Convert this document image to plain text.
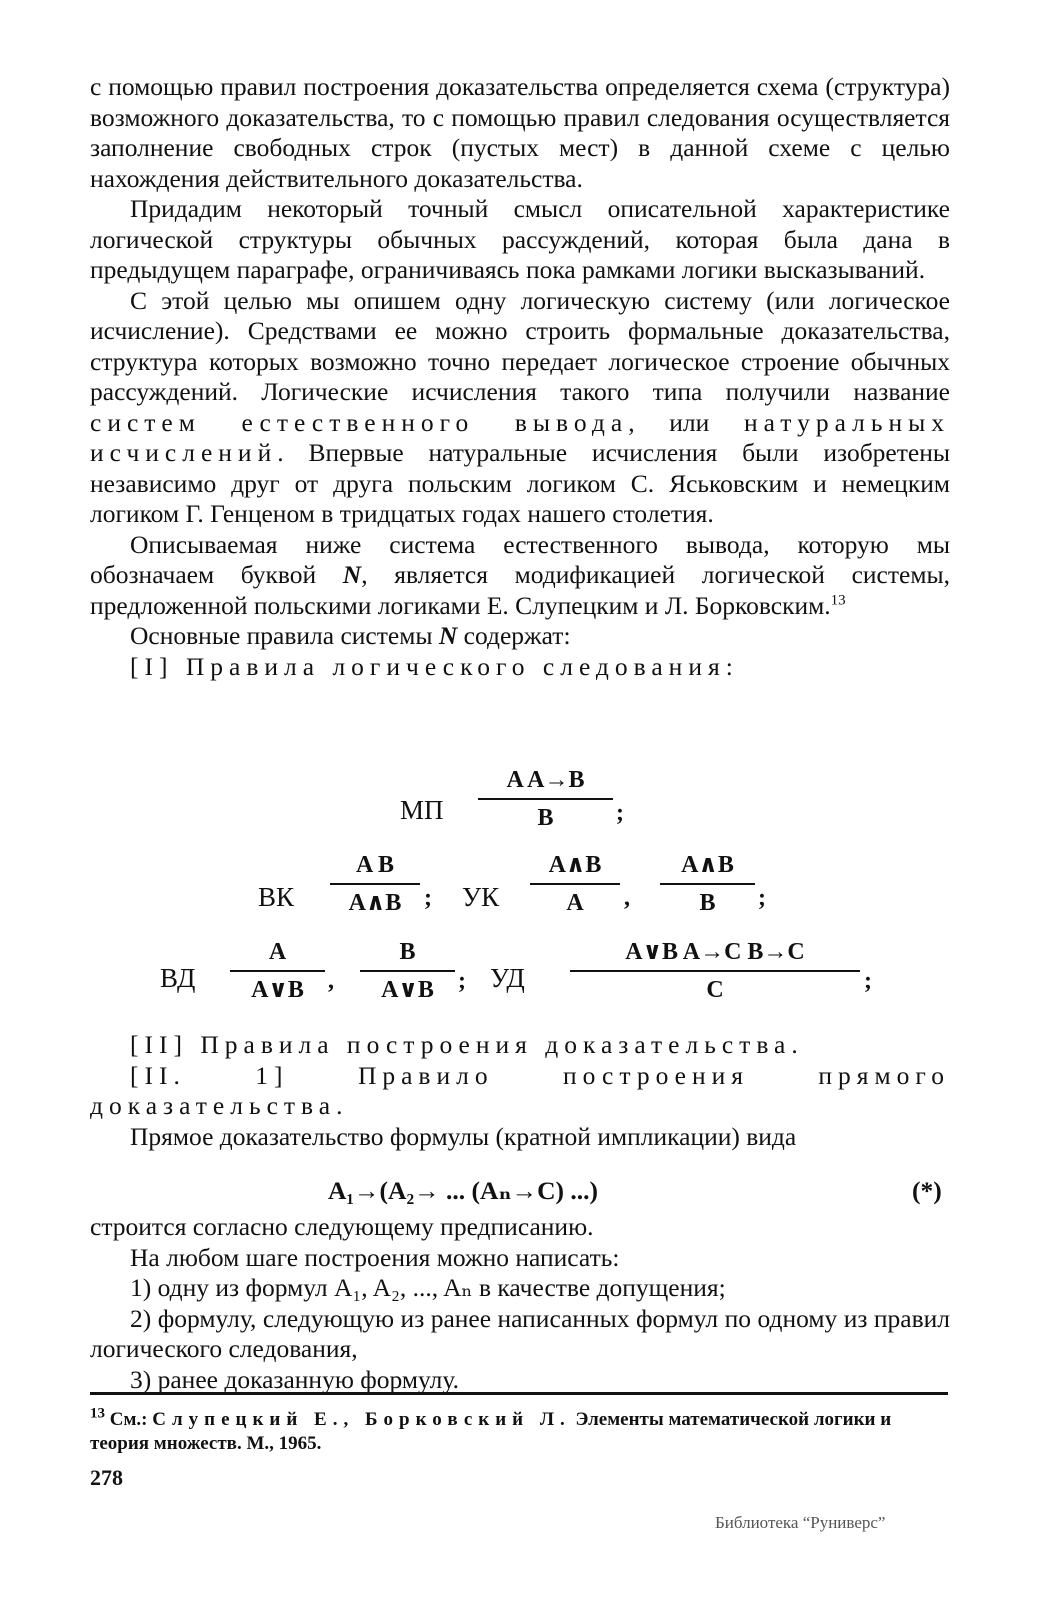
с помощью правил построения доказательства определяется схема (структура) возможного доказательства, то с помощью правил следования осуществляется заполнение свободных строк (пустых мест) в данной схеме с целью нахождения действительного доказательства.

Придадим некоторый точный смысл описательной характеристике логической структуры обычных рассуждений, которая была дана в предыдущем параграфе, ограничиваясь пока рамками логики высказываний.

С этой целью мы опишем одну логическую систему (или логическое исчисление). Средствами ее можно строить формальные доказательства, структура которых возможно точно передает логическое строение обычных рассуждений. Логические исчисления такого типа получили название систем естественного вывода, или натуральных исчислений. Впервые натуральные исчисления были изобретены независимо друг от друга польским логиком С. Яськовским и немецким логиком Г. Генценом в тридцатых годах нашего столетия.

Описываемая ниже система естественного вывода, которую мы обозначаем буквой N, является модификацией логической системы, предложенной польскими логиками Е. Слупецким и Л. Борковским.$^{13}$

Основные правила системы N содержат:

[I] Правила логического следования:

МП
A A→B
B	;
ВК
A B
A∧B ; УК
A∧B
A	,
A∧B
B	;
ВД
A
A∨B	,
B
A∨B	; УД
A∨B A→C B→C
C	;

[II] Правила построения доказательства.

[II. 1] Правило построения прямого доказательства.

Прямое доказательство формулы (кратной импликации) вида

A₁→(A₂→ ... (Aₙ→C) ...)	(*)

строится согласно следующему предписанию.

На любом шаге построения можно написать:

1) одну из формул A₁, A₂, ..., Aₙ в качестве допущения;

2) формулу, следующую из ранее написанных формул по одному из правил логического следования,

3) ранее доказанную формулу.

$^{13}$ См.: Слупецкий Е., Борковский Л. Элементы математической логики и теория множеств. М., 1965.
278
Библиотека “Руниверс”
